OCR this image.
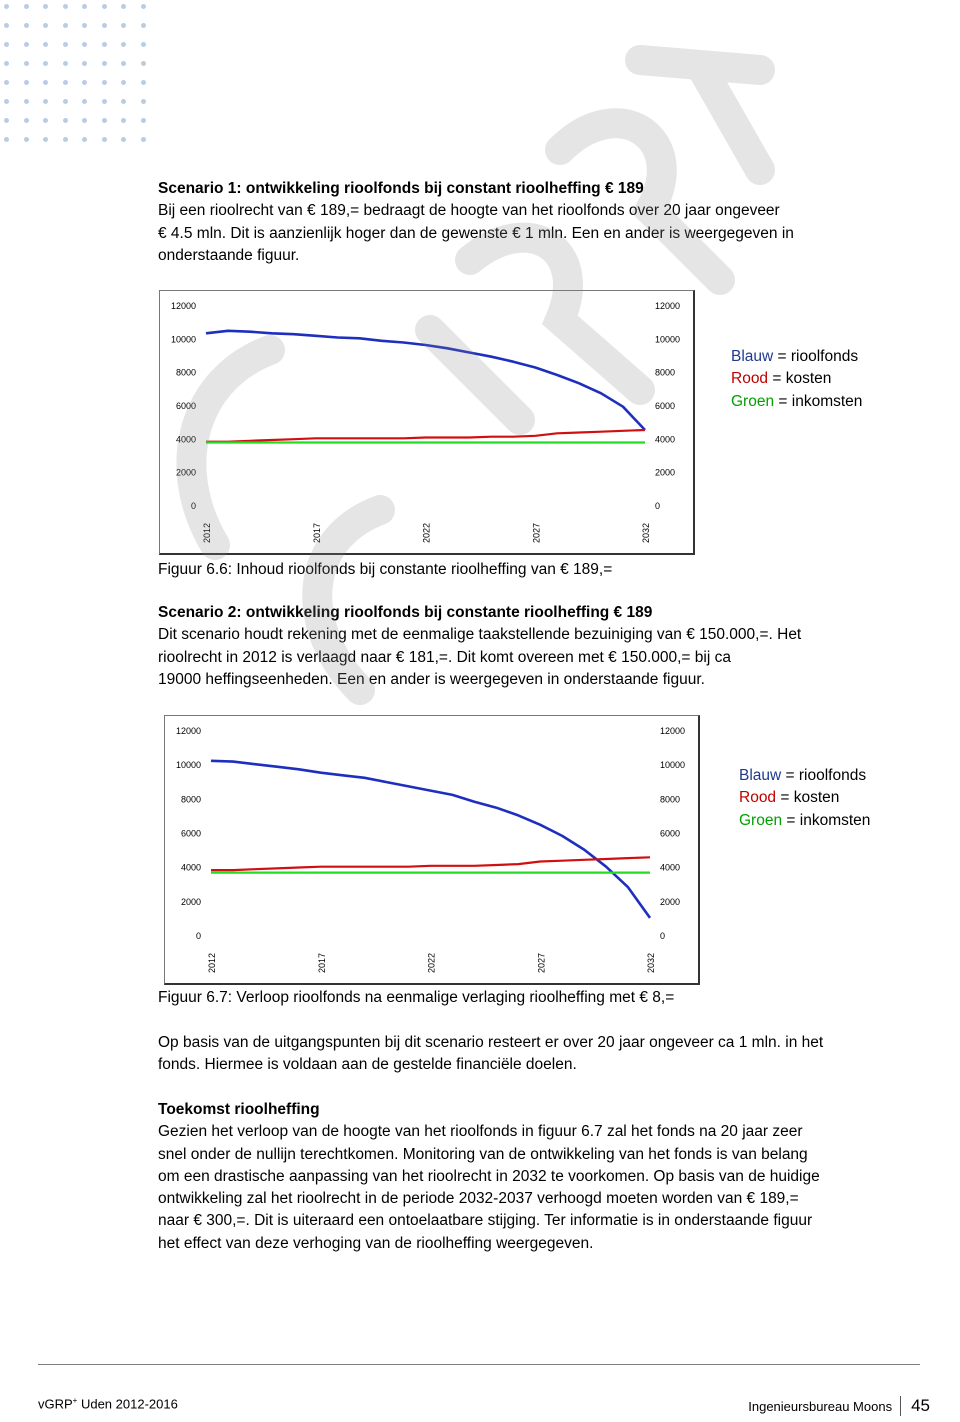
Scenario 1: ontwikkeling rioolfonds bij constant rioolheffing € 189

Bij een rioolrecht van € 189,= bedraagt de hoogte van het rioolfonds over 20 jaar ongeveer

€ 4.5 mln. Dit is aanzienlijk hoger dan de gewenste € 1 mln. Een en ander is weergegeven in

onderstaande figuur.

0	0
2000	2000
4000	4000
6000	6000
8000	8000
10000	10000
12000	12000
2012	2017	2022	2027	2032
Blauw = rioolfonds
Rood = kosten
Groen = inkomsten
Figuur 6.6: Inhoud rioolfonds bij constante rioolheffing van € 189,=

Scenario 2: ontwikkeling rioolfonds bij constante rioolheffing € 189

Dit scenario houdt rekening met de eenmalige taakstellende bezuiniging van € 150.000,=. Het

rioolrecht in 2012 is verlaagd naar € 181,=. Dit komt overeen met € 150.000,= bij ca

19000 heffingseenheden. Een en ander is weergegeven in onderstaande figuur.

0	0
2000	2000
4000	4000
6000	6000
8000	8000
10000	10000
12000	12000
2012	2017	2022	2027	2032
Blauw = rioolfonds
Rood = kosten
Groen = inkomsten
Figuur 6.7: Verloop rioolfonds na eenmalige verlaging rioolheffing met € 8,=

Op basis van de uitgangspunten bij dit scenario resteert er over 20 jaar ongeveer ca 1 mln. in het

fonds. Hiermee is voldaan aan de gestelde financiële doelen.

Toekomst rioolheffing

Gezien het verloop van de hoogte van het rioolfonds in figuur 6.7 zal het fonds na 20 jaar zeer

snel onder de nullijn terechtkomen. Monitoring van de ontwikkeling van het fonds is van belang

om een drastische aanpassing van het rioolrecht in 2032 te voorkomen. Op basis van de huidige

ontwikkeling zal het rioolrecht in de periode 2032-2037 verhoogd moeten worden van € 189,=

naar € 300,=. Dit is uiteraard een ontoelaatbare stijging. Ter informatie is in onderstaande figuur

het effect van deze verhoging van de rioolheffing weergegeven.

vGRP+ Uden 2012-2016	Ingenieursbureau Moons 45
